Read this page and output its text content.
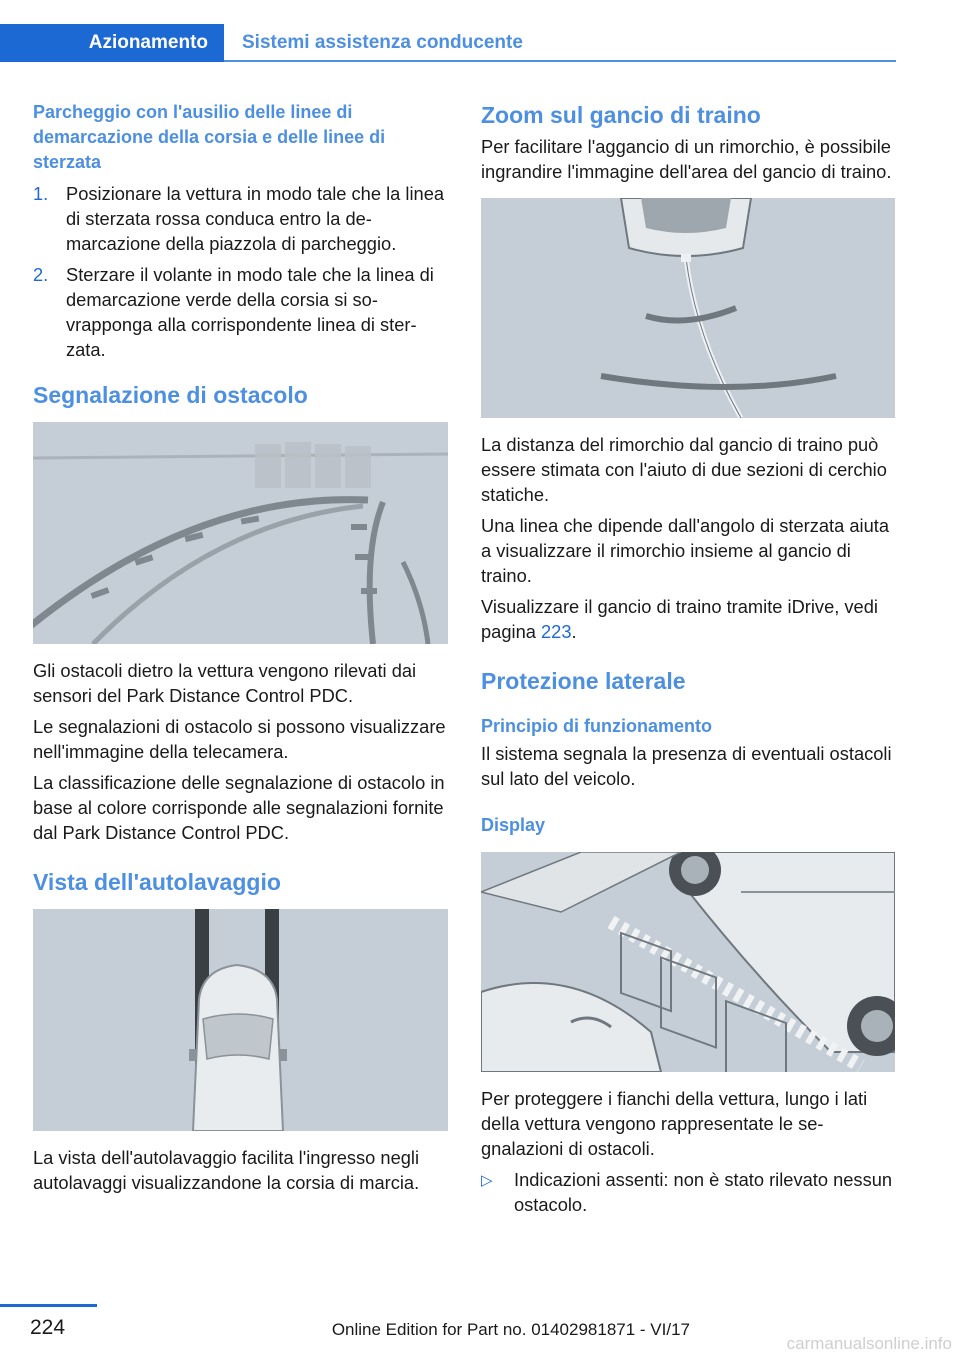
Azionamento	Sistemi assistenza conducente
Parcheggio con l'ausilio delle linee di demarcazione della corsia e delle linee di sterzata
1. Posizionare la vettura in modo tale che la linea di sterzata rossa conduca entro la demarcazione della piazzola di parcheggio.
2. Sterzare il volante in modo tale che la linea di demarcazione verde della corsia si sovrapponga alla corrispondente linea di sterzata.
Segnalazione di ostacolo

Gli ostacoli dietro la vettura vengono rilevati dai sensori del Park Distance Control PDC.

Le segnalazioni di ostacolo si possono visualizzare nell'immagine della telecamera.

La classificazione delle segnalazione di ostacolo in base al colore corrisponde alle segnalazioni fornite dal Park Distance Control PDC.

Vista dell'autolavaggio

La vista dell'autolavaggio facilita l'ingresso negli autolavaggi visualizzandone la corsia di marcia.

Zoom sul gancio di traino

Per facilitare l'aggancio di un rimorchio, è possibile ingrandire l'immagine dell'area del gancio di traino.

La distanza del rimorchio dal gancio di traino può essere stimata con l'aiuto di due sezioni di cerchio statiche.

Una linea che dipende dall'angolo di sterzata aiuta a visualizzare il rimorchio insieme al gancio di traino.

Visualizzare il gancio di traino tramite iDrive, vedi pagina 223.

Protezione laterale
Principio di funzionamento

Il sistema segnala la presenza di eventuali ostacoli sul lato del veicolo.

Display

Per proteggere i fianchi della vettura, lungo i lati della vettura vengono rappresentate le segnalazioni di ostacoli.

▷	Indicazioni assenti: non è stato rilevato nessun ostacolo.
224	Online Edition for Part no. 01402981871 - VI/17
carmanualsonline.info
